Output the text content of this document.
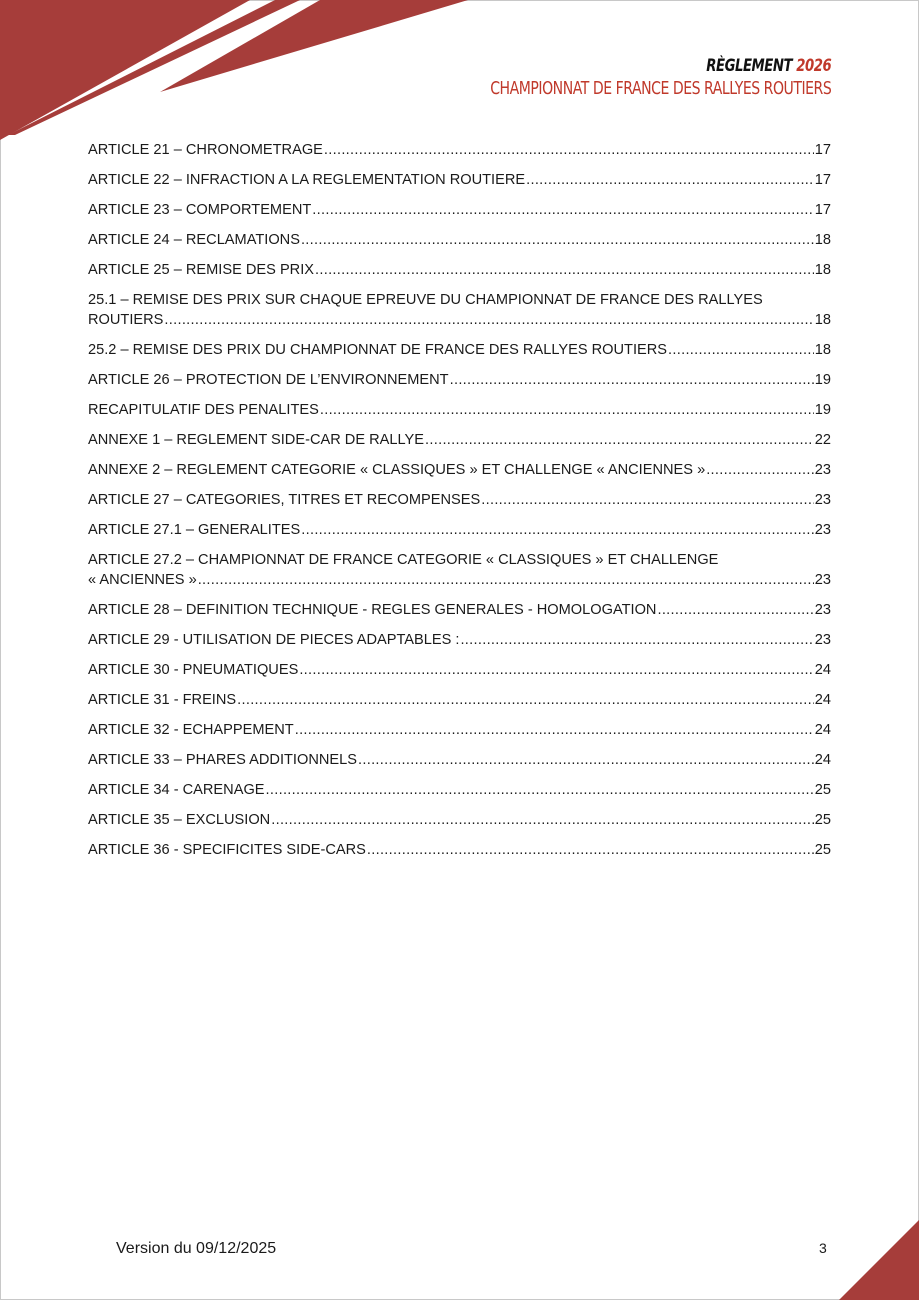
RÈGLEMENT 2026
CHAMPIONNAT DE FRANCE DES RALLYES ROUTIERS
ARTICLE 21 – CHRONOMETRAGE .....	17
ARTICLE 22 – INFRACTION A LA REGLEMENTATION ROUTIERE .....	17
ARTICLE 23 – COMPORTEMENT .....	17
ARTICLE 24 – RECLAMATIONS .....	18
ARTICLE 25 – REMISE DES PRIX .....	18
25.1 – REMISE DES PRIX SUR CHAQUE EPREUVE DU CHAMPIONNAT DE FRANCE DES RALLYES
ROUTIERS .....	18
25.2 – REMISE DES PRIX DU CHAMPIONNAT DE FRANCE DES RALLYES ROUTIERS .....	18
ARTICLE 26 – PROTECTION DE L’ENVIRONNEMENT .....	19
RECAPITULATIF DES PENALITES .....	19
ANNEXE 1 – REGLEMENT SIDE-CAR DE RALLYE .....	22
ANNEXE 2 – REGLEMENT CATEGORIE « CLASSIQUES » ET CHALLENGE « ANCIENNES » .....	23
ARTICLE 27 – CATEGORIES, TITRES ET RECOMPENSES .....	23
ARTICLE 27.1 – GENERALITES .....	23
ARTICLE 27.2 – CHAMPIONNAT DE FRANCE CATEGORIE « CLASSIQUES » ET CHALLENGE
« ANCIENNES » .....	23
ARTICLE 28 – DEFINITION TECHNIQUE - REGLES GENERALES - HOMOLOGATION .....	23
ARTICLE 29 - UTILISATION DE PIECES ADAPTABLES : .....	23
ARTICLE 30 - PNEUMATIQUES .....	24
ARTICLE 31 - FREINS .....	24
ARTICLE 32 - ECHAPPEMENT .....	24
ARTICLE 33 – PHARES ADDITIONNELS .....	24
ARTICLE 34 - CARENAGE .....	25
ARTICLE 35 – EXCLUSION .....	25
ARTICLE 36 - SPECIFICITES SIDE-CARS .....	25
Version du 09/12/2025	3
